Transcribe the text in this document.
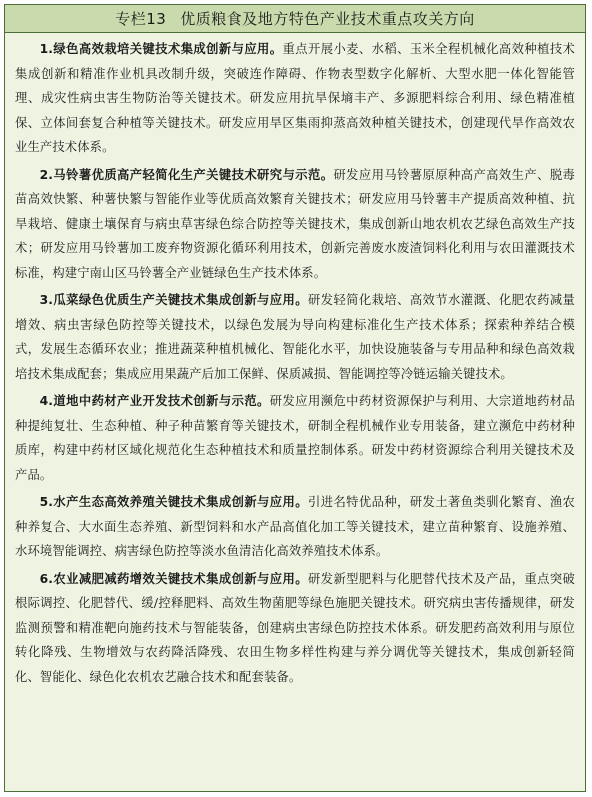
专栏13 优质粮食及地方特色产业技术重点攻关方向

1.绿色高效栽培关键技术集成创新与应用。重点开展小麦、水稻、玉米全程机械化高效种植技术集成创新和精准作业机具改制升级，突破连作障碍、作物表型数字化解析、大型水肥一体化智能管理、成灾性病虫害生物防治等关键技术。研发应用抗旱保墒丰产、多源肥料综合利用、绿色精准植保、立体间套复合种植等关键技术。研发应用旱区集雨抑蒸高效种植关键技术，创建现代旱作高效农业生产技术体系。

2.马铃薯优质高产轻简化生产关键技术研究与示范。研发应用马铃薯原原种高产高效生产、脱毒苗高效快繁、种薯快繁与智能作业等优质高效繁育关键技术；研发应用马铃薯丰产提质高效种植、抗旱栽培、健康土壤保育与病虫草害绿色综合防控等关键技术，集成创新山地农机农艺绿色高效生产技术；研发应用马铃薯加工废弃物资源化循环利用技术，创新完善废水废渣饲料化利用与农田灌溉技术标准，构建宁南山区马铃薯全产业链绿色生产技术体系。

3.瓜菜绿色优质生产关键技术集成创新与应用。研发轻简化栽培、高效节水灌溉、化肥农药减量增效、病虫害绿色防控等关键技术，以绿色发展为导向构建标准化生产技术体系；探索种养结合模式，发展生态循环农业；推进蔬菜种植机械化、智能化水平，加快设施装备与专用品种和绿色高效栽培技术集成配套；集成应用果蔬产后加工保鲜、保质减损、智能调控等冷链运输关键技术。

4.道地中药材产业开发技术创新与示范。研发应用濒危中药材资源保护与利用、大宗道地药材品种提纯复壮、生态种植、种子种苗繁育等关键技术，研制全程机械作业专用装备，建立濒危中药材种质库，构建中药材区域化规范化生态种植技术和质量控制体系。研发中药材资源综合利用关键技术及产品。

5.水产生态高效养殖关键技术集成创新与应用。引进名特优品种，研发土著鱼类驯化繁育、渔农种养复合、大水面生态养殖、新型饲料和水产品高值化加工等关键技术，建立苗种繁育、设施养殖、水环境智能调控、病害绿色防控等淡水鱼清洁化高效养殖技术体系。

6.农业减肥减药增效关键技术集成创新与应用。研发新型肥料与化肥替代技术及产品，重点突破根际调控、化肥替代、缓/控释肥料、高效生物菌肥等绿色施肥关键技术。研究病虫害传播规律，研发监测预警和精准靶向施药技术与智能装备，创建病虫害绿色防控技术体系。研发肥药高效利用与原位转化降残、生物增效与农药降活降残、农田生物多样性构建与养分调优等关键技术，集成创新轻简化、智能化、绿色化农机农艺融合技术和配套装备。
